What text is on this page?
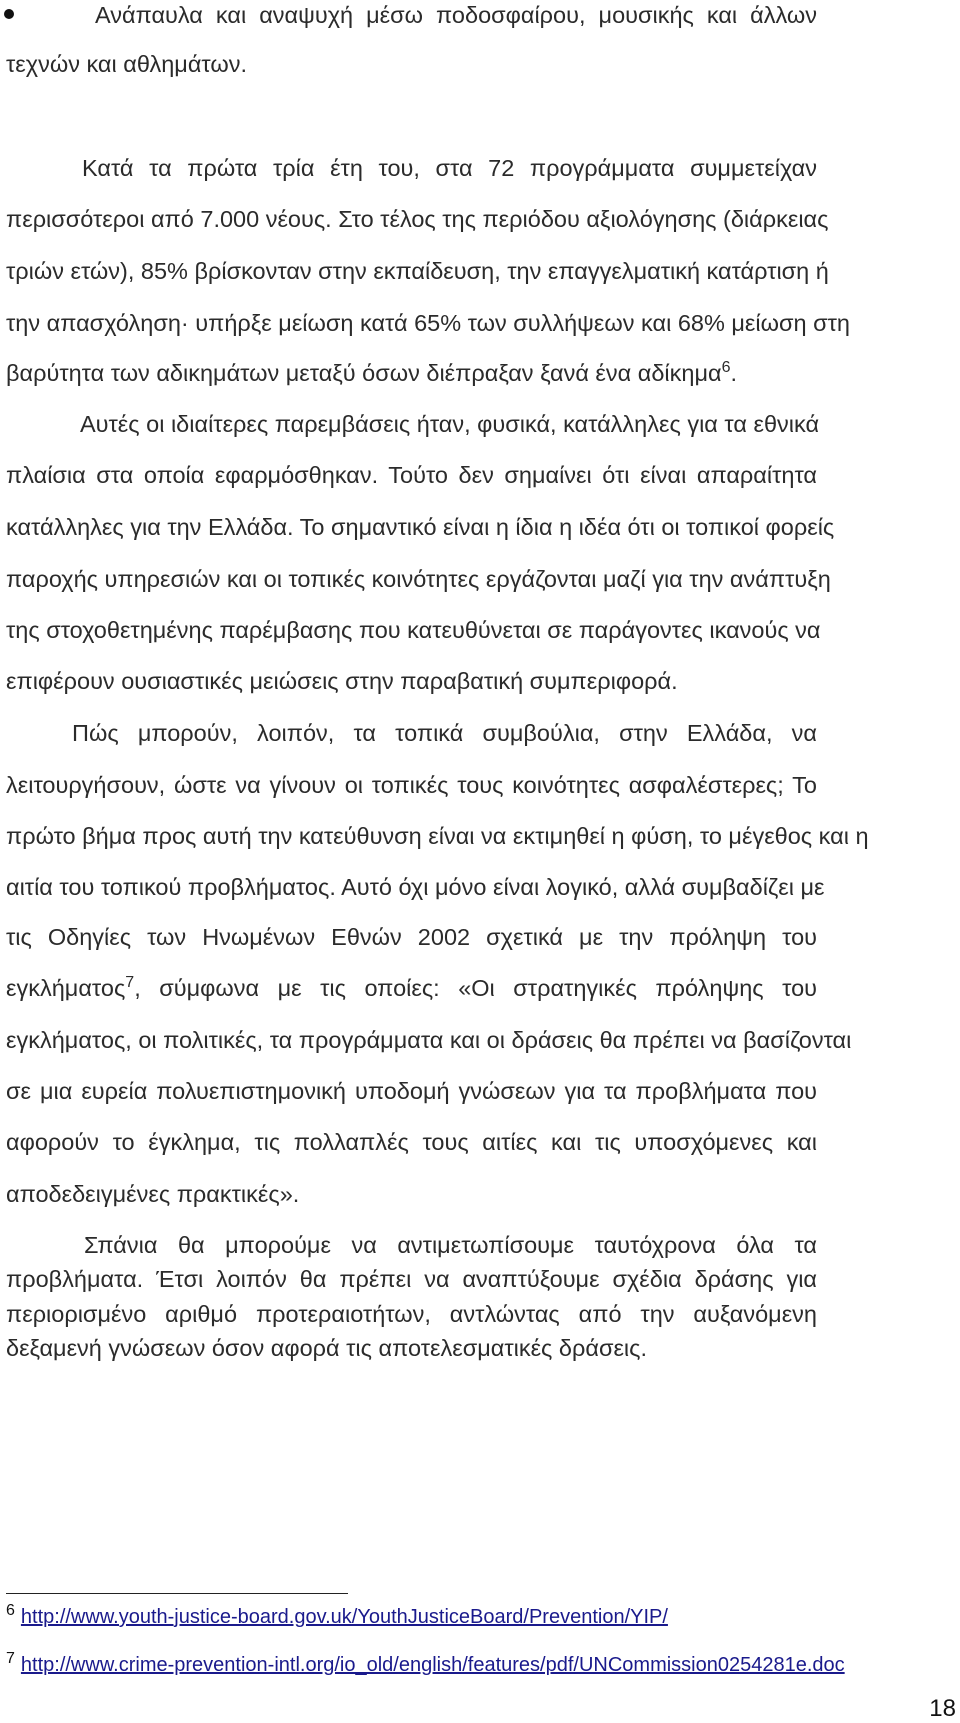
Ανάπαυλα και αναψυχή μέσω ποδοσφαίρου, μουσικής και άλλων
τεχνών και αθλημάτων.
Κατά τα πρώτα τρία έτη του, στα 72 προγράμματα συμμετείχαν
περισσότεροι από 7.000 νέους. Στο τέλος της περιόδου αξιολόγησης (διάρκειας
τριών ετών), 85% βρίσκονταν στην εκπαίδευση, την επαγγελματική κατάρτιση ή
την απασχόληση· υπήρξε μείωση κατά 65% των συλλήψεων και 68% μείωση στη
βαρύτητα των αδικημάτων μεταξύ όσων διέπραξαν ξανά ένα αδίκημα$^6$.
Αυτές οι ιδιαίτερες παρεμβάσεις ήταν, φυσικά, κατάλληλες για τα εθνικά
πλαίσια στα οποία εφαρμόσθηκαν. Τούτο δεν σημαίνει ότι είναι απαραίτητα
κατάλληλες για την Ελλάδα. Το σημαντικό είναι η ίδια η ιδέα ότι οι τοπικοί φορείς
παροχής υπηρεσιών και οι τοπικές κοινότητες εργάζονται μαζί για την ανάπτυξη
της στοχοθετημένης παρέμβασης που κατευθύνεται σε παράγοντες ικανούς να
επιφέρουν ουσιαστικές μειώσεις στην παραβατική συμπεριφορά.
Πώς μπορούν, λοιπόν, τα τοπικά συμβούλια, στην Ελλάδα, να
λειτουργήσουν, ώστε να γίνουν οι τοπικές τους κοινότητες ασφαλέστερες; Το
πρώτο βήμα προς αυτή την κατεύθυνση είναι να εκτιμηθεί η φύση, το μέγεθος και η
αιτία του τοπικού προβλήματος. Αυτό όχι μόνο είναι λογικό, αλλά συμβαδίζει με
τις Οδηγίες των Ηνωμένων Εθνών 2002 σχετικά με την πρόληψη του
εγκλήματος$^7$, σύμφωνα με τις οποίες: «Οι στρατηγικές πρόληψης του
εγκλήματος, οι πολιτικές, τα προγράμματα και οι δράσεις θα πρέπει να βασίζονται
σε μια ευρεία πολυεπιστημονική υποδομή γνώσεων για τα προβλήματα που
αφορούν το έγκλημα, τις πολλαπλές τους αιτίες και τις υποσχόμενες και
αποδεδειγμένες πρακτικές».
Σπάνια θα μπορούμε να αντιμετωπίσουμε ταυτόχρονα όλα τα
προβλήματα. Έτσι λοιπόν θα πρέπει να αναπτύξουμε σχέδια δράσης για
περιορισμένο αριθμό προτεραιοτήτων, αντλώντας από την αυξανόμενη
δεξαμενή γνώσεων όσον αφορά τις αποτελεσματικές δράσεις.
$^6$ http://www.youth-justice-board.gov.uk/YouthJusticeBoard/Prevention/YIP/
$^7$ http://www.crime-prevention-intl.org/io_old/english/features/pdf/UNCommission0254281e.doc
18
